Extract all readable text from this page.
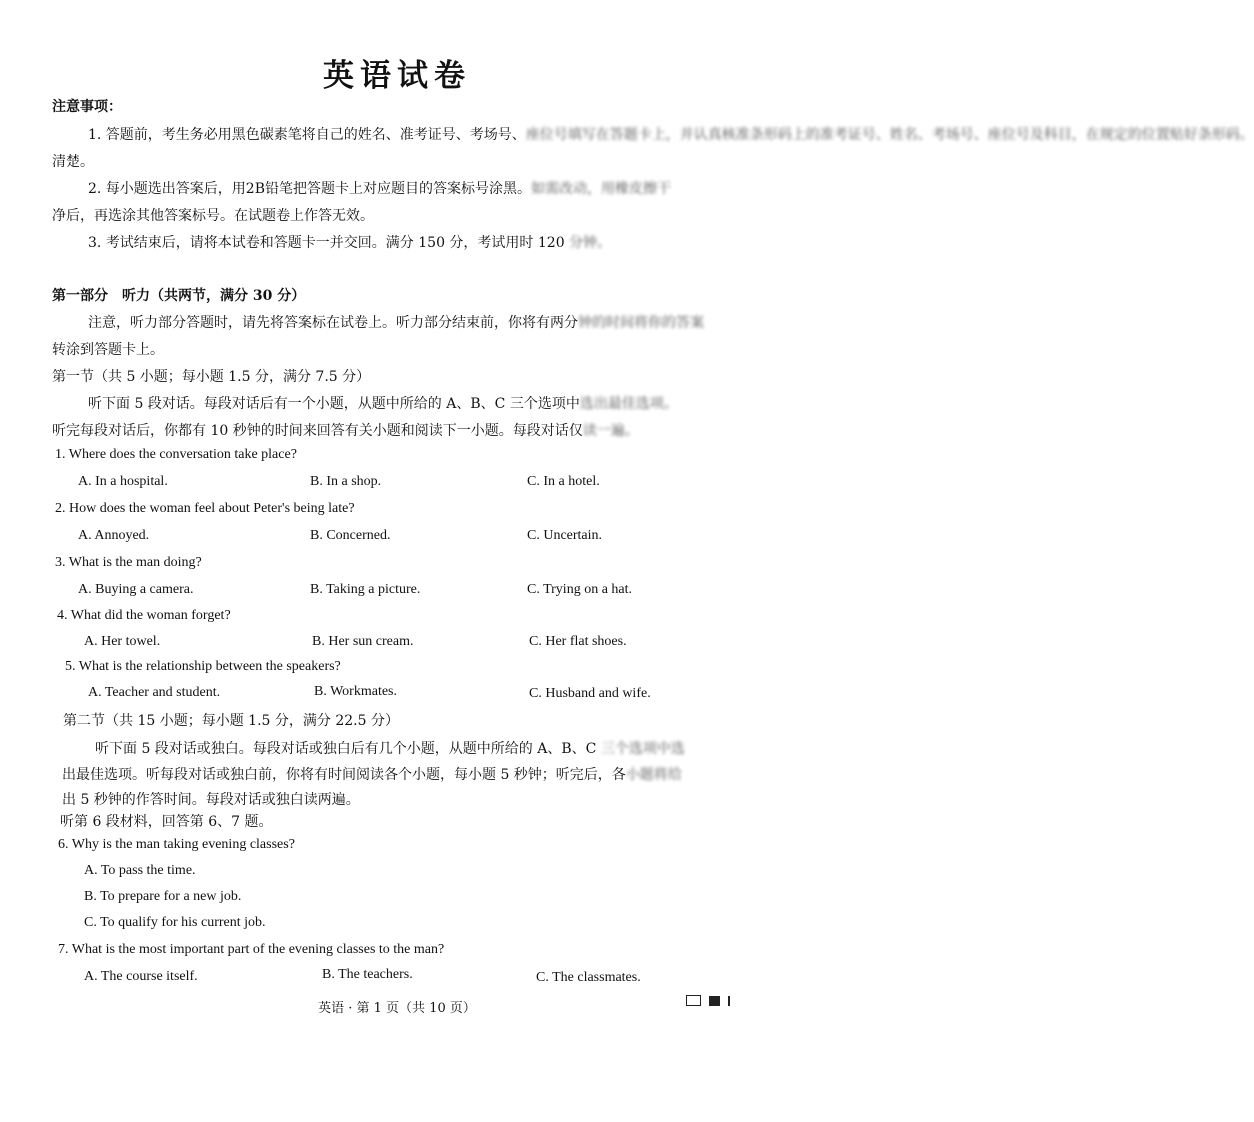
英语试卷
注意事项：
1. 答题前，考生务必用黑色碳素笔将自己的姓名、准考证号、考场号、座位号填写在答题卡上，并认真核准条形码上的准考证号、姓名、考场号、座位号及科目，在规定的位置贴好条形码。
清楚。
2. 每小题选出答案后，用2B铅笔把答题卡上对应题目的答案标号涂黑。如需改动，用橡皮擦干
净后，再选涂其他答案标号。在试题卷上作答无效。
3. 考试结束后，请将本试卷和答题卡一并交回。满分 150 分，考试用时 120 分钟。
第一部分　听力（共两节，满分 30 分）
注意，听力部分答题时，请先将答案标在试卷上。听力部分结束前，你将有两分钟的时间将你的答案
转涂到答题卡上。
第一节（共 5 小题；每小题 1.5 分，满分 7.5 分）
听下面 5 段对话。每段对话后有一个小题，从题中所给的 A、B、C 三个选项中选出最佳选项。
听完每段对话后，你都有 10 秒钟的时间来回答有关小题和阅读下一小题。每段对话仅读一遍。
1. Where does the conversation take place?
A. In a hospital.	B. In a shop.	C. In a hotel.
2. How does the woman feel about Peter's being late?
A. Annoyed.	B. Concerned.	C. Uncertain.
3. What is the man doing?
A. Buying a camera.	B. Taking a picture.	C. Trying on a hat.
4. What did the woman forget?
A. Her towel.	B. Her sun cream.	C. Her flat shoes.
5. What is the relationship between the speakers?
A. Teacher and student.	B. Workmates.	C. Husband and wife.
第二节（共 15 小题；每小题 1.5 分，满分 22.5 分）
听下面 5 段对话或独白。每段对话或独白后有几个小题，从题中所给的 A、B、C 三个选项中选
出最佳选项。听每段对话或独白前，你将有时间阅读各个小题，每小题 5 秒钟；听完后，各小题将给
出 5 秒钟的作答时间。每段对话或独白读两遍。
听第 6 段材料，回答第 6、7 题。
6. Why is the man taking evening classes?
A. To pass the time.
B. To prepare for a new job.
C. To qualify for his current job.
7. What is the most important part of the evening classes to the man?
A. The course itself.	B. The teachers.	C. The classmates.
英语 · 第 1 页（共 10 页）
